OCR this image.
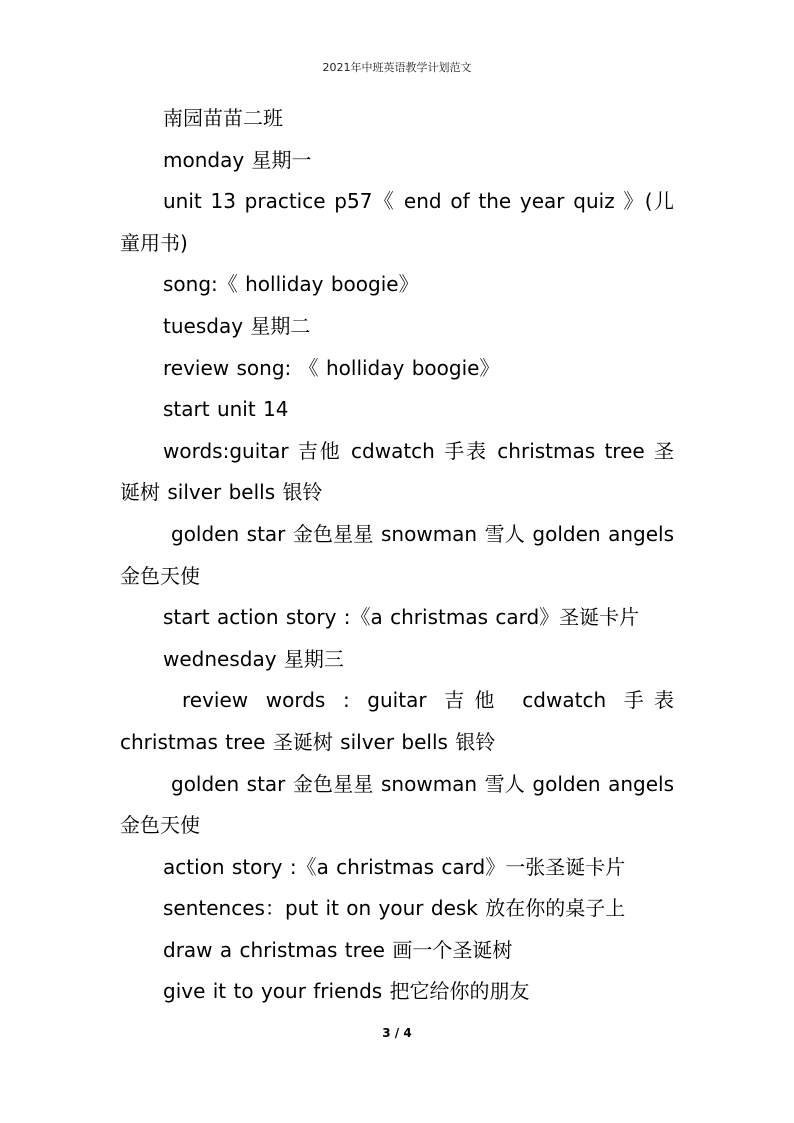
2021年中班英语教学计划范文

南园苗苗二班

monday 星期一

unit 13 practice p57《 end of the year quiz 》(儿童用书)

song:《 holliday boogie》

tuesday 星期二

review song: 《 holliday boogie》

start unit 14

words:guitar 吉他 cdwatch 手表 christmas tree 圣诞树 silver bells 银铃

golden star 金色星星 snowman 雪人 golden angels 金色天使

start action story :《a christmas card》圣诞卡片

wednesday 星期三

review words : guitar 吉他 cdwatch 手表 christmas tree 圣诞树 silver bells 银铃

golden star 金色星星 snowman 雪人 golden angels 金色天使

action story :《a christmas card》一张圣诞卡片

sentences：put it on your desk 放在你的桌子上

draw a christmas tree 画一个圣诞树

give it to your friends 把它给你的朋友

3 / 4
